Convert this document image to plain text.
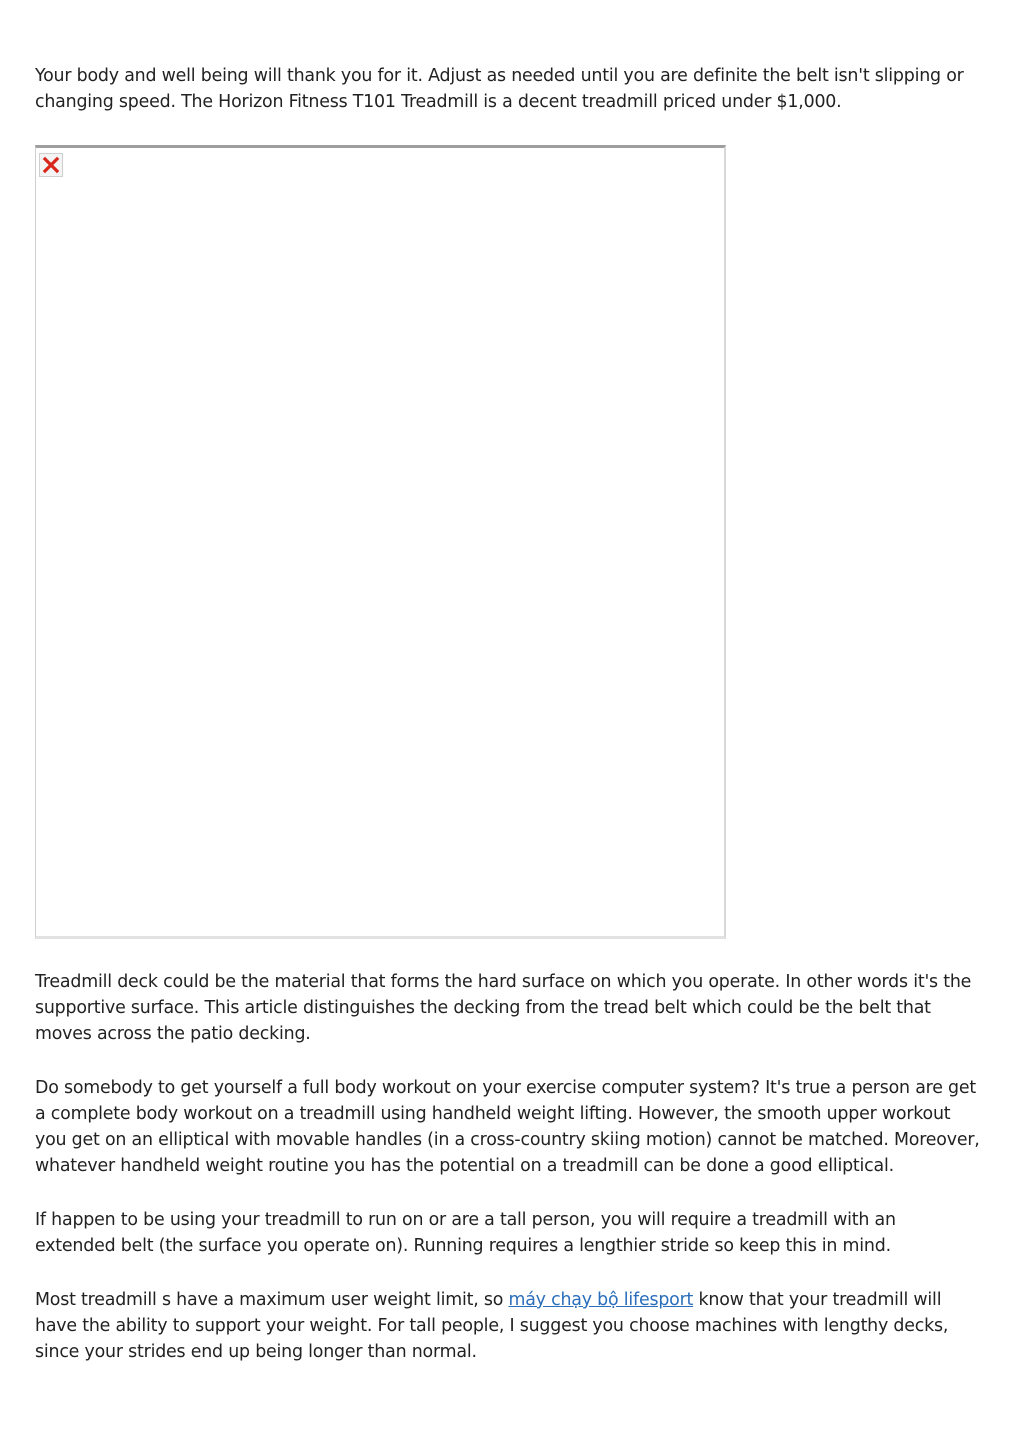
Your body and well being will thank you for it. Adjust as needed until you are definite the belt isn't slipping or changing speed. The Horizon Fitness T101 Treadmill is a decent treadmill priced under $1,000.

Treadmill deck could be the material that forms the hard surface on which you operate. In other words it's the supportive surface. This article distinguishes the decking from the tread belt which could be the belt that moves across the patio decking.

Do somebody to get yourself a full body workout on your exercise computer system? It's true a person are get a complete body workout on a treadmill using handheld weight lifting. However, the smooth upper workout you get on an elliptical with movable handles (in a cross-country skiing motion) cannot be matched. Moreover, whatever handheld weight routine you has the potential on a treadmill can be done a good elliptical.

If happen to be using your treadmill to run on or are a tall person, you will require a treadmill with an extended belt (the surface you operate on). Running requires a lengthier stride so keep this in mind.

Most treadmill s have a maximum user weight limit, so máy chạy bộ lifesport know that your treadmill will have the ability to support your weight. For tall people, I suggest you choose machines with lengthy decks, since your strides end up being longer than normal.
